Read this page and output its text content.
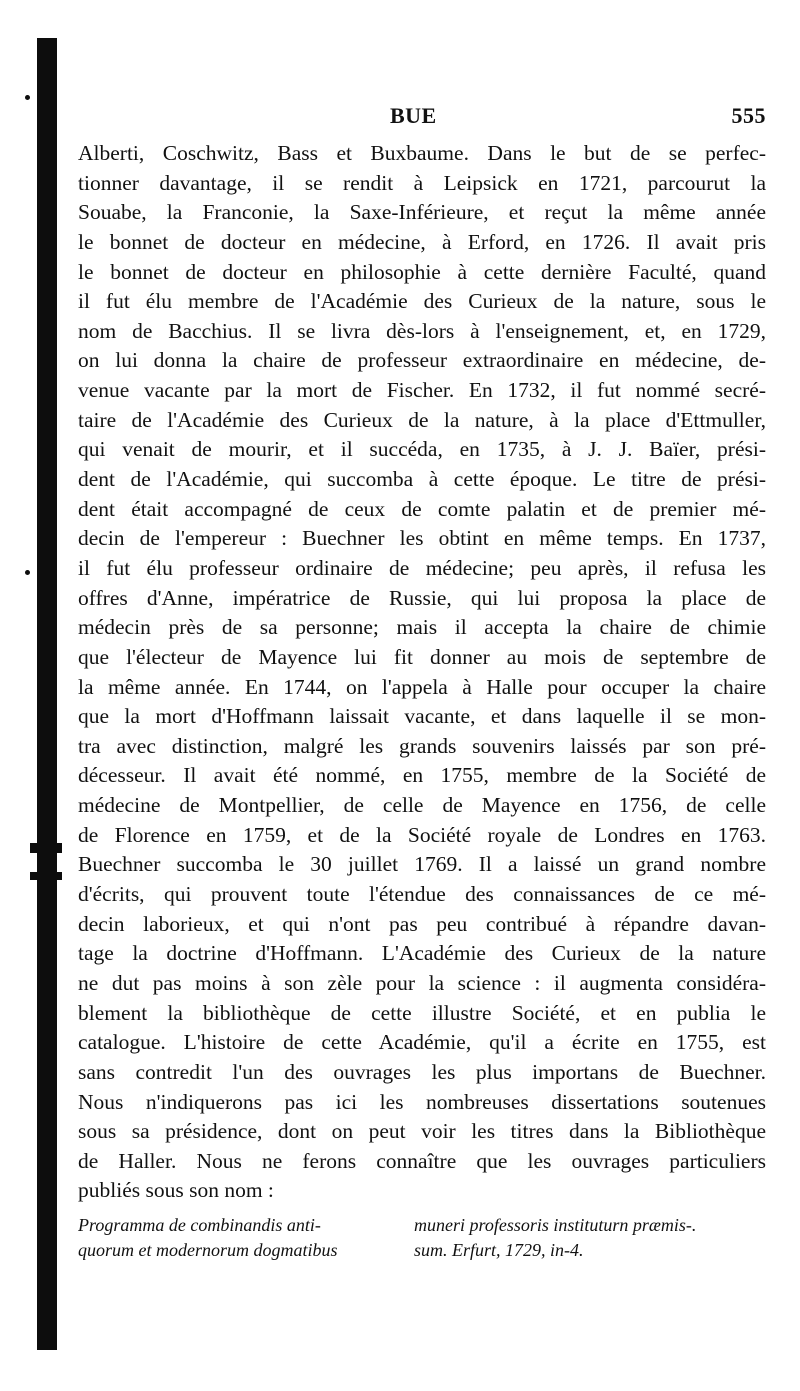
BUE	555
Alberti, Coschwitz, Bass et Buxbaume. Dans le but de se perfec-
tionner davantage, il se rendit à Leipsick en 1721, parcourut la
Souabe, la Franconie, la Saxe-Inférieure, et reçut la même année
le bonnet de docteur en médecine, à Erford, en 1726. Il avait pris
le bonnet de docteur en philosophie à cette dernière Faculté, quand
il fut élu membre de l'Académie des Curieux de la nature, sous le
nom de Bacchius. Il se livra dès-lors à l'enseignement, et, en 1729,
on lui donna la chaire de professeur extraordinaire en médecine, de-
venue vacante par la mort de Fischer. En 1732, il fut nommé secré-
taire de l'Académie des Curieux de la nature, à la place d'Ettmuller,
qui venait de mourir, et il succéda, en 1735, à J. J. Baïer, prési-
dent de l'Académie, qui succomba à cette époque. Le titre de prési-
dent était accompagné de ceux de comte palatin et de premier mé-
decin de l'empereur : Buechner les obtint en même temps. En 1737,
il fut élu professeur ordinaire de médecine; peu après, il refusa les
offres d'Anne, impératrice de Russie, qui lui proposa la place de
médecin près de sa personne; mais il accepta la chaire de chimie
que l'électeur de Mayence lui fit donner au mois de septembre de
la même année. En 1744, on l'appela à Halle pour occuper la chaire
que la mort d'Hoffmann laissait vacante, et dans laquelle il se mon-
tra avec distinction, malgré les grands souvenirs laissés par son pré-
décesseur. Il avait été nommé, en 1755, membre de la Société de
médecine de Montpellier, de celle de Mayence en 1756, de celle
de Florence en 1759, et de la Société royale de Londres en 1763.
Buechner succomba le 30 juillet 1769. Il a laissé un grand nombre
d'écrits, qui prouvent toute l'étendue des connaissances de ce mé-
decin laborieux, et qui n'ont pas peu contribué à répandre davan-
tage la doctrine d'Hoffmann. L'Académie des Curieux de la nature
ne dut pas moins à son zèle pour la science : il augmenta considéra-
blement la bibliothèque de cette illustre Société, et en publia le
catalogue. L'histoire de cette Académie, qu'il a écrite en 1755, est
sans contredit l'un des ouvrages les plus importans de Buechner.
Nous n'indiquerons pas ici les nombreuses dissertations soutenues
sous sa présidence, dont on peut voir les titres dans la Bibliothèque
de Haller. Nous ne ferons connaître que les ouvrages particuliers
publiés sous son nom :
Programma de combinandis anti-
quorum et modernorum dogmatibus
muneri professoris instituturn præmis-.
sum. Erfurt, 1729, in-4.
